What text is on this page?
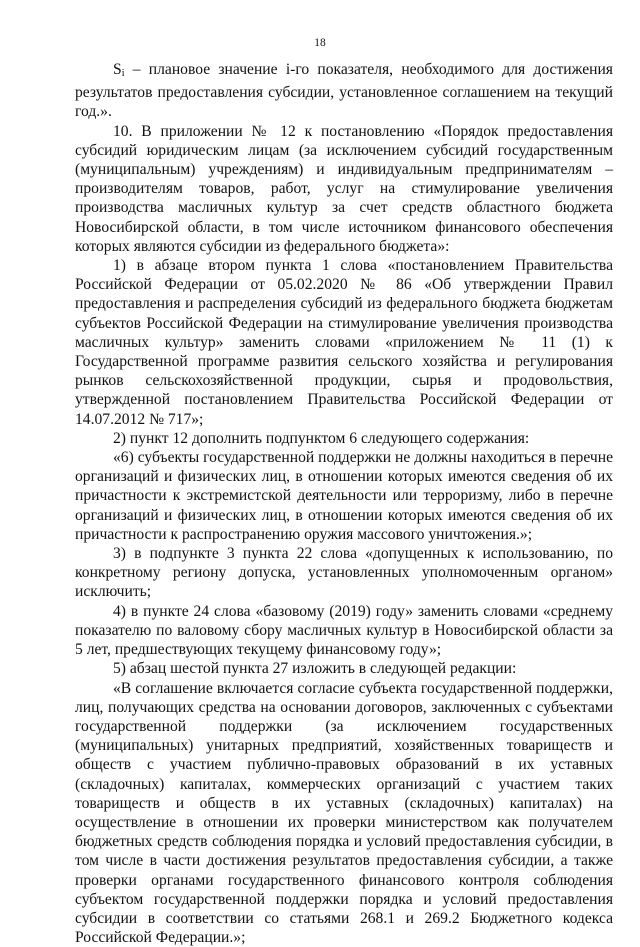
18

$S_i$ – плановое значение i-го показателя, необходимого для достижения результатов предоставления субсидии, установленное соглашением на текущий год.».

10. В приложении № 12 к постановлению «Порядок предоставления субсидий юридическим лицам (за исключением субсидий государственным (муниципальным) учреждениям) и индивидуальным предпринимателям – производителям товаров, работ, услуг на стимулирование увеличения производства масличных культур за счет средств областного бюджета Новосибирской области, в том числе источником финансового обеспечения которых являются субсидии из федерального бюджета»:

1) в абзаце втором пункта 1 слова «постановлением Правительства Российской Федерации от 05.02.2020 № 86 «Об утверждении Правил предоставления и распределения субсидий из федерального бюджета бюджетам субъектов Российской Федерации на стимулирование увеличения производства масличных культур» заменить словами «приложением № 11 (1) к Государственной программе развития сельского хозяйства и регулирования рынков сельскохозяйственной продукции, сырья и продовольствия, утвержденной постановлением Правительства Российской Федерации от 14.07.2012 № 717»;

2) пункт 12 дополнить подпунктом 6 следующего содержания:

«6) субъекты государственной поддержки не должны находиться в перечне организаций и физических лиц, в отношении которых имеются сведения об их причастности к экстремистской деятельности или терроризму, либо в перечне организаций и физических лиц, в отношении которых имеются сведения об их причастности к распространению оружия массового уничтожения.»;

3) в подпункте 3 пункта 22 слова «допущенных к использованию, по конкретному региону допуска, установленных уполномоченным органом» исключить;

4) в пункте 24 слова «базовому (2019) году» заменить словами «среднему показателю по валовому сбору масличных культур в Новосибирской области за 5 лет, предшествующих текущему финансовому году»;

5) абзац шестой пункта 27 изложить в следующей редакции:

«В соглашение включается согласие субъекта государственной поддержки, лиц, получающих средства на основании договоров, заключенных с субъектами государственной поддержки (за исключением государственных (муниципальных) унитарных предприятий, хозяйственных товариществ и обществ с участием публично-правовых образований в их уставных (складочных) капиталах, коммерческих организаций с участием таких товариществ и обществ в их уставных (складочных) капиталах) на осуществление в отношении их проверки министерством как получателем бюджетных средств соблюдения порядка и условий предоставления субсидии, в том числе в части достижения результатов предоставления субсидии, а также проверки органами государственного финансового контроля соблюдения субъектом государственной поддержки порядка и условий предоставления субсидии в соответствии со статьями 268.1 и 269.2 Бюджетного кодекса Российской Федерации.»;
